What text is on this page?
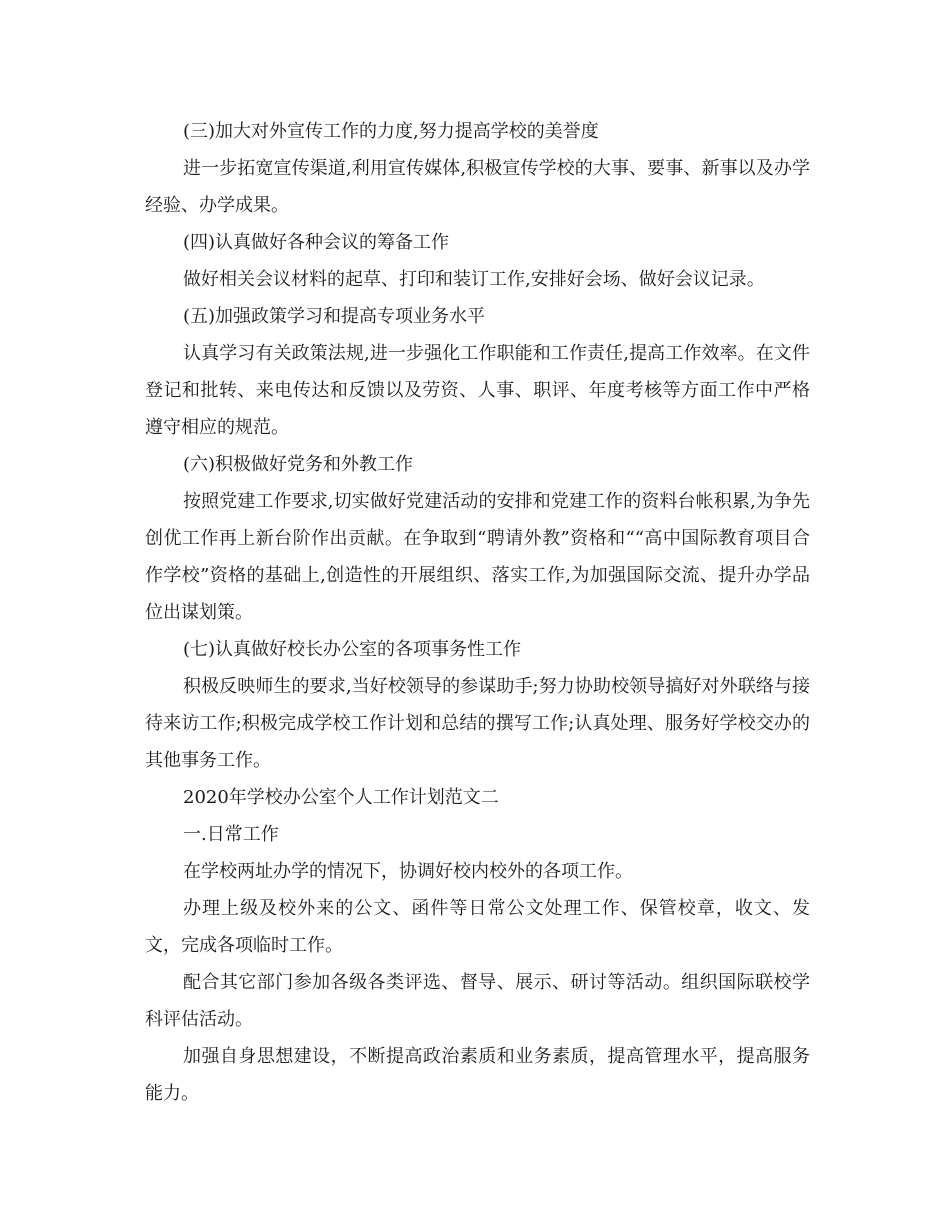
(三)加大对外宣传工作的力度,努力提高学校的美誉度

进一步拓宽宣传渠道,利用宣传媒体,积极宣传学校的大事、要事、新事以及办学经验、办学成果。

(四)认真做好各种会议的筹备工作

做好相关会议材料的起草、打印和装订工作,安排好会场、做好会议记录。

(五)加强政策学习和提高专项业务水平

认真学习有关政策法规,进一步强化工作职能和工作责任,提高工作效率。在文件登记和批转、来电传达和反馈以及劳资、人事、职评、年度考核等方面工作中严格遵守相应的规范。

(六)积极做好党务和外教工作

按照党建工作要求,切实做好党建活动的安排和党建工作的资料台帐积累,为争先创优工作再上新台阶作出贡献。在争取到“聘请外教”资格和““高中国际教育项目合作学校”资格的基础上,创造性的开展组织、落实工作,为加强国际交流、提升办学品位出谋划策。

(七)认真做好校长办公室的各项事务性工作

积极反映师生的要求,当好校领导的参谋助手;努力协助校领导搞好对外联络与接待来访工作;积极完成学校工作计划和总结的撰写工作;认真处理、服务好学校交办的其他事务工作。

2020年学校办公室个人工作计划范文二

一.日常工作

在学校两址办学的情况下，协调好校内校外的各项工作。

办理上级及校外来的公文、函件等日常公文处理工作、保管校章，收文、发文，完成各项临时工作。

配合其它部门参加各级各类评选、督导、展示、研讨等活动。组织国际联校学科评估活动。

加强自身思想建设，不断提高政治素质和业务素质，提高管理水平，提高服务能力。
